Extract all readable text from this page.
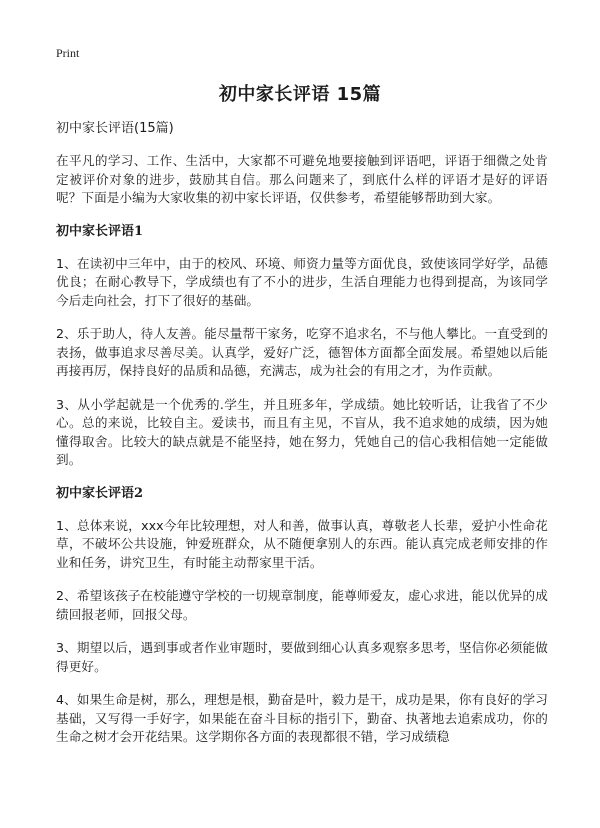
Print
初中家长评语 15篇
初中家长评语(15篇)

在平凡的学习、工作、生活中，大家都不可避免地要接触到评语吧，评语于细微之处肯定被评价对象的进步，鼓励其自信。那么问题来了，到底什么样的评语才是好的评语呢？下面是小编为大家收集的初中家长评语，仅供参考，希望能够帮助到大家。

初中家长评语1

1、在读初中三年中，由于的校风、环境、师资力量等方面优良，致使该同学好学，品德优良；在耐心教导下，学成绩也有了不小的进步，生活自理能力也得到提高，为该同学今后走向社会，打下了很好的基础。

2、乐于助人，待人友善。能尽量帮干家务，吃穿不追求名，不与他人攀比。一直受到的表扬，做事追求尽善尽美。认真学，爱好广泛，德智体方面都全面发展。希望她以后能再接再厉，保持良好的品质和品德，充满志，成为社会的有用之才，为作贡献。

3、从小学起就是一个优秀的.学生，并且班多年，学成绩。她比较听话，让我省了不少心。总的来说，比较自主。爱读书，而且有主见，不盲从，我不追求她的成绩，因为她懂得取舍。比较大的缺点就是不能坚持，她在努力，凭她自己的信心我相信她一定能做到。

初中家长评语2

1、总体来说，xxx今年比较理想，对人和善，做事认真，尊敬老人长辈，爱护小性命花草，不破坏公共设施，钟爱班群众，从不随便拿别人的东西。能认真完成老师安排的作业和任务，讲究卫生，有时能主动帮家里干活。

2、希望该孩子在校能遵守学校的一切规章制度，能尊师爱友，虚心求进，能以优异的成绩回报老师，回报父母。

3、期望以后，遇到事或者作业审题时，要做到细心认真多观察多思考，坚信你必须能做得更好。

4、如果生命是树，那么，理想是根，勤奋是叶，毅力是干，成功是果，你有良好的学习基础，又写得一手好字，如果能在奋斗目标的指引下，勤奋、执著地去追索成功，你的生命之树才会开花结果。这学期你各方面的表现都很不错，学习成绩稳
